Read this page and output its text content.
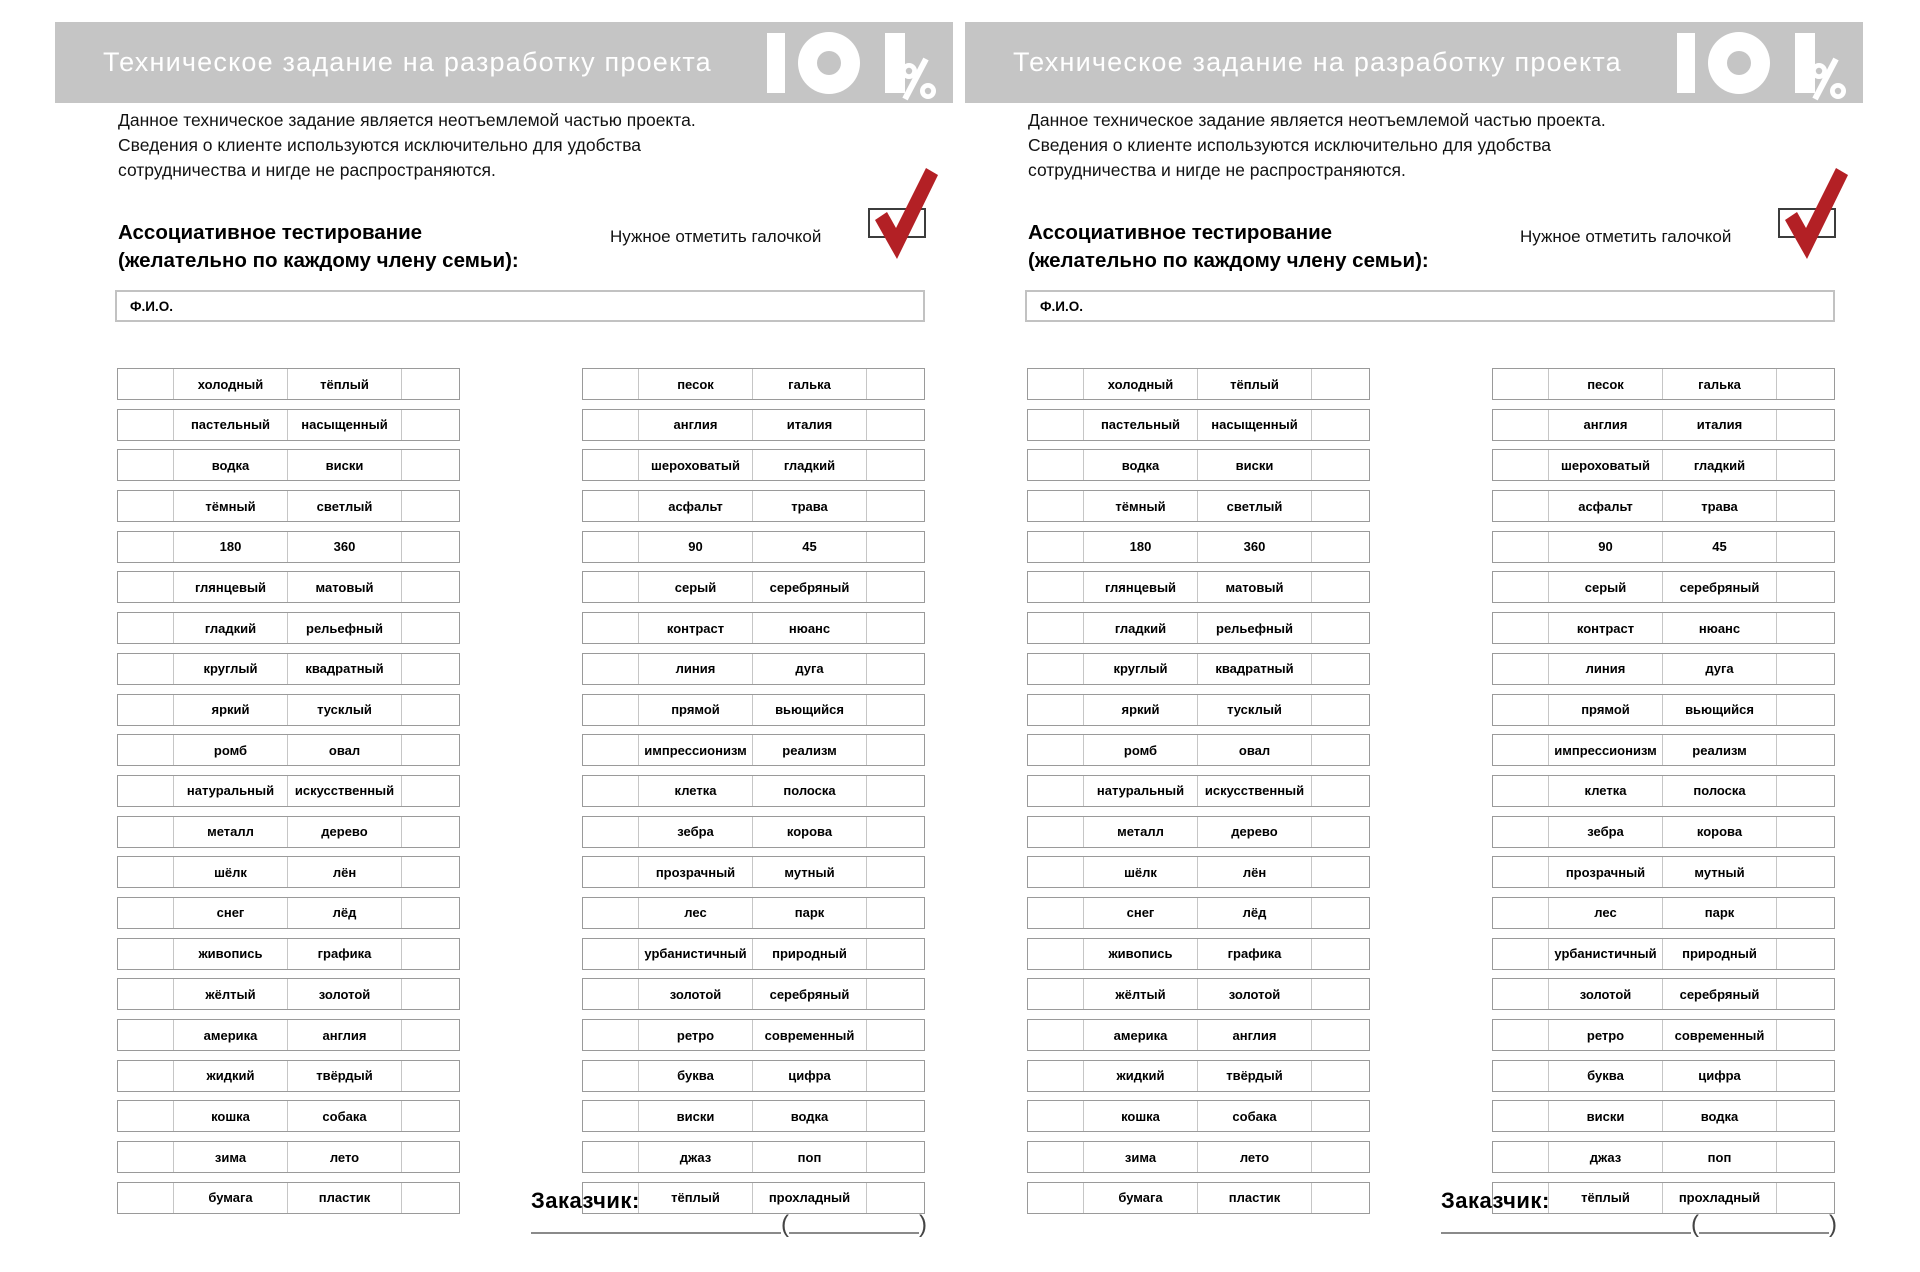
Техническое задание на разработку проекта
Данное техническое задание является неотъемлемой частью проекта.
Сведения о клиенте используются исключительно для удобства
сотрудничества и нигде не распространяются.
Ассоциативное тестирование
(желательно по каждому члену семьи):
Нужное отметить галочкой
Ф.И.О.
холодный	тёплый
пастельный	насыщенный
водка	виски
тёмный	светлый
180	360
глянцевый	матовый
гладкий	рельефный
круглый	квадратный
яркий	тусклый
ромб	овал
натуральный	искусственный
металл	дерево
шёлк	лён
снег	лёд
живопись	графика
жёлтый	золотой
америка	англия
жидкий	твёрдый
кошка	собака
зима	лето
бумага	пластик
песок	галька
англия	италия
шероховатый	гладкий
асфальт	трава
90	45
серый	серебряный
контраст	нюанс
линия	дуга
прямой	вьющийся
импрессионизм	реализм
клетка	полоска
зебра	корова
прозрачный	мутный
лес	парк
урбанистичный	природный
золотой	серебряный
ретро	современный
буква	цифра
виски	водка
джаз	поп
тёплый	прохладный
Заказчик:
(	)
Техническое задание на разработку проекта
Данное техническое задание является неотъемлемой частью проекта.
Сведения о клиенте используются исключительно для удобства
сотрудничества и нигде не распространяются.
Ассоциативное тестирование
(желательно по каждому члену семьи):
Нужное отметить галочкой
Ф.И.О.
холодный	тёплый
пастельный	насыщенный
водка	виски
тёмный	светлый
180	360
глянцевый	матовый
гладкий	рельефный
круглый	квадратный
яркий	тусклый
ромб	овал
натуральный	искусственный
металл	дерево
шёлк	лён
снег	лёд
живопись	графика
жёлтый	золотой
америка	англия
жидкий	твёрдый
кошка	собака
зима	лето
бумага	пластик
песок	галька
англия	италия
шероховатый	гладкий
асфальт	трава
90	45
серый	серебряный
контраст	нюанс
линия	дуга
прямой	вьющийся
импрессионизм	реализм
клетка	полоска
зебра	корова
прозрачный	мутный
лес	парк
урбанистичный	природный
золотой	серебряный
ретро	современный
буква	цифра
виски	водка
джаз	поп
тёплый	прохладный
Заказчик:
(	)
